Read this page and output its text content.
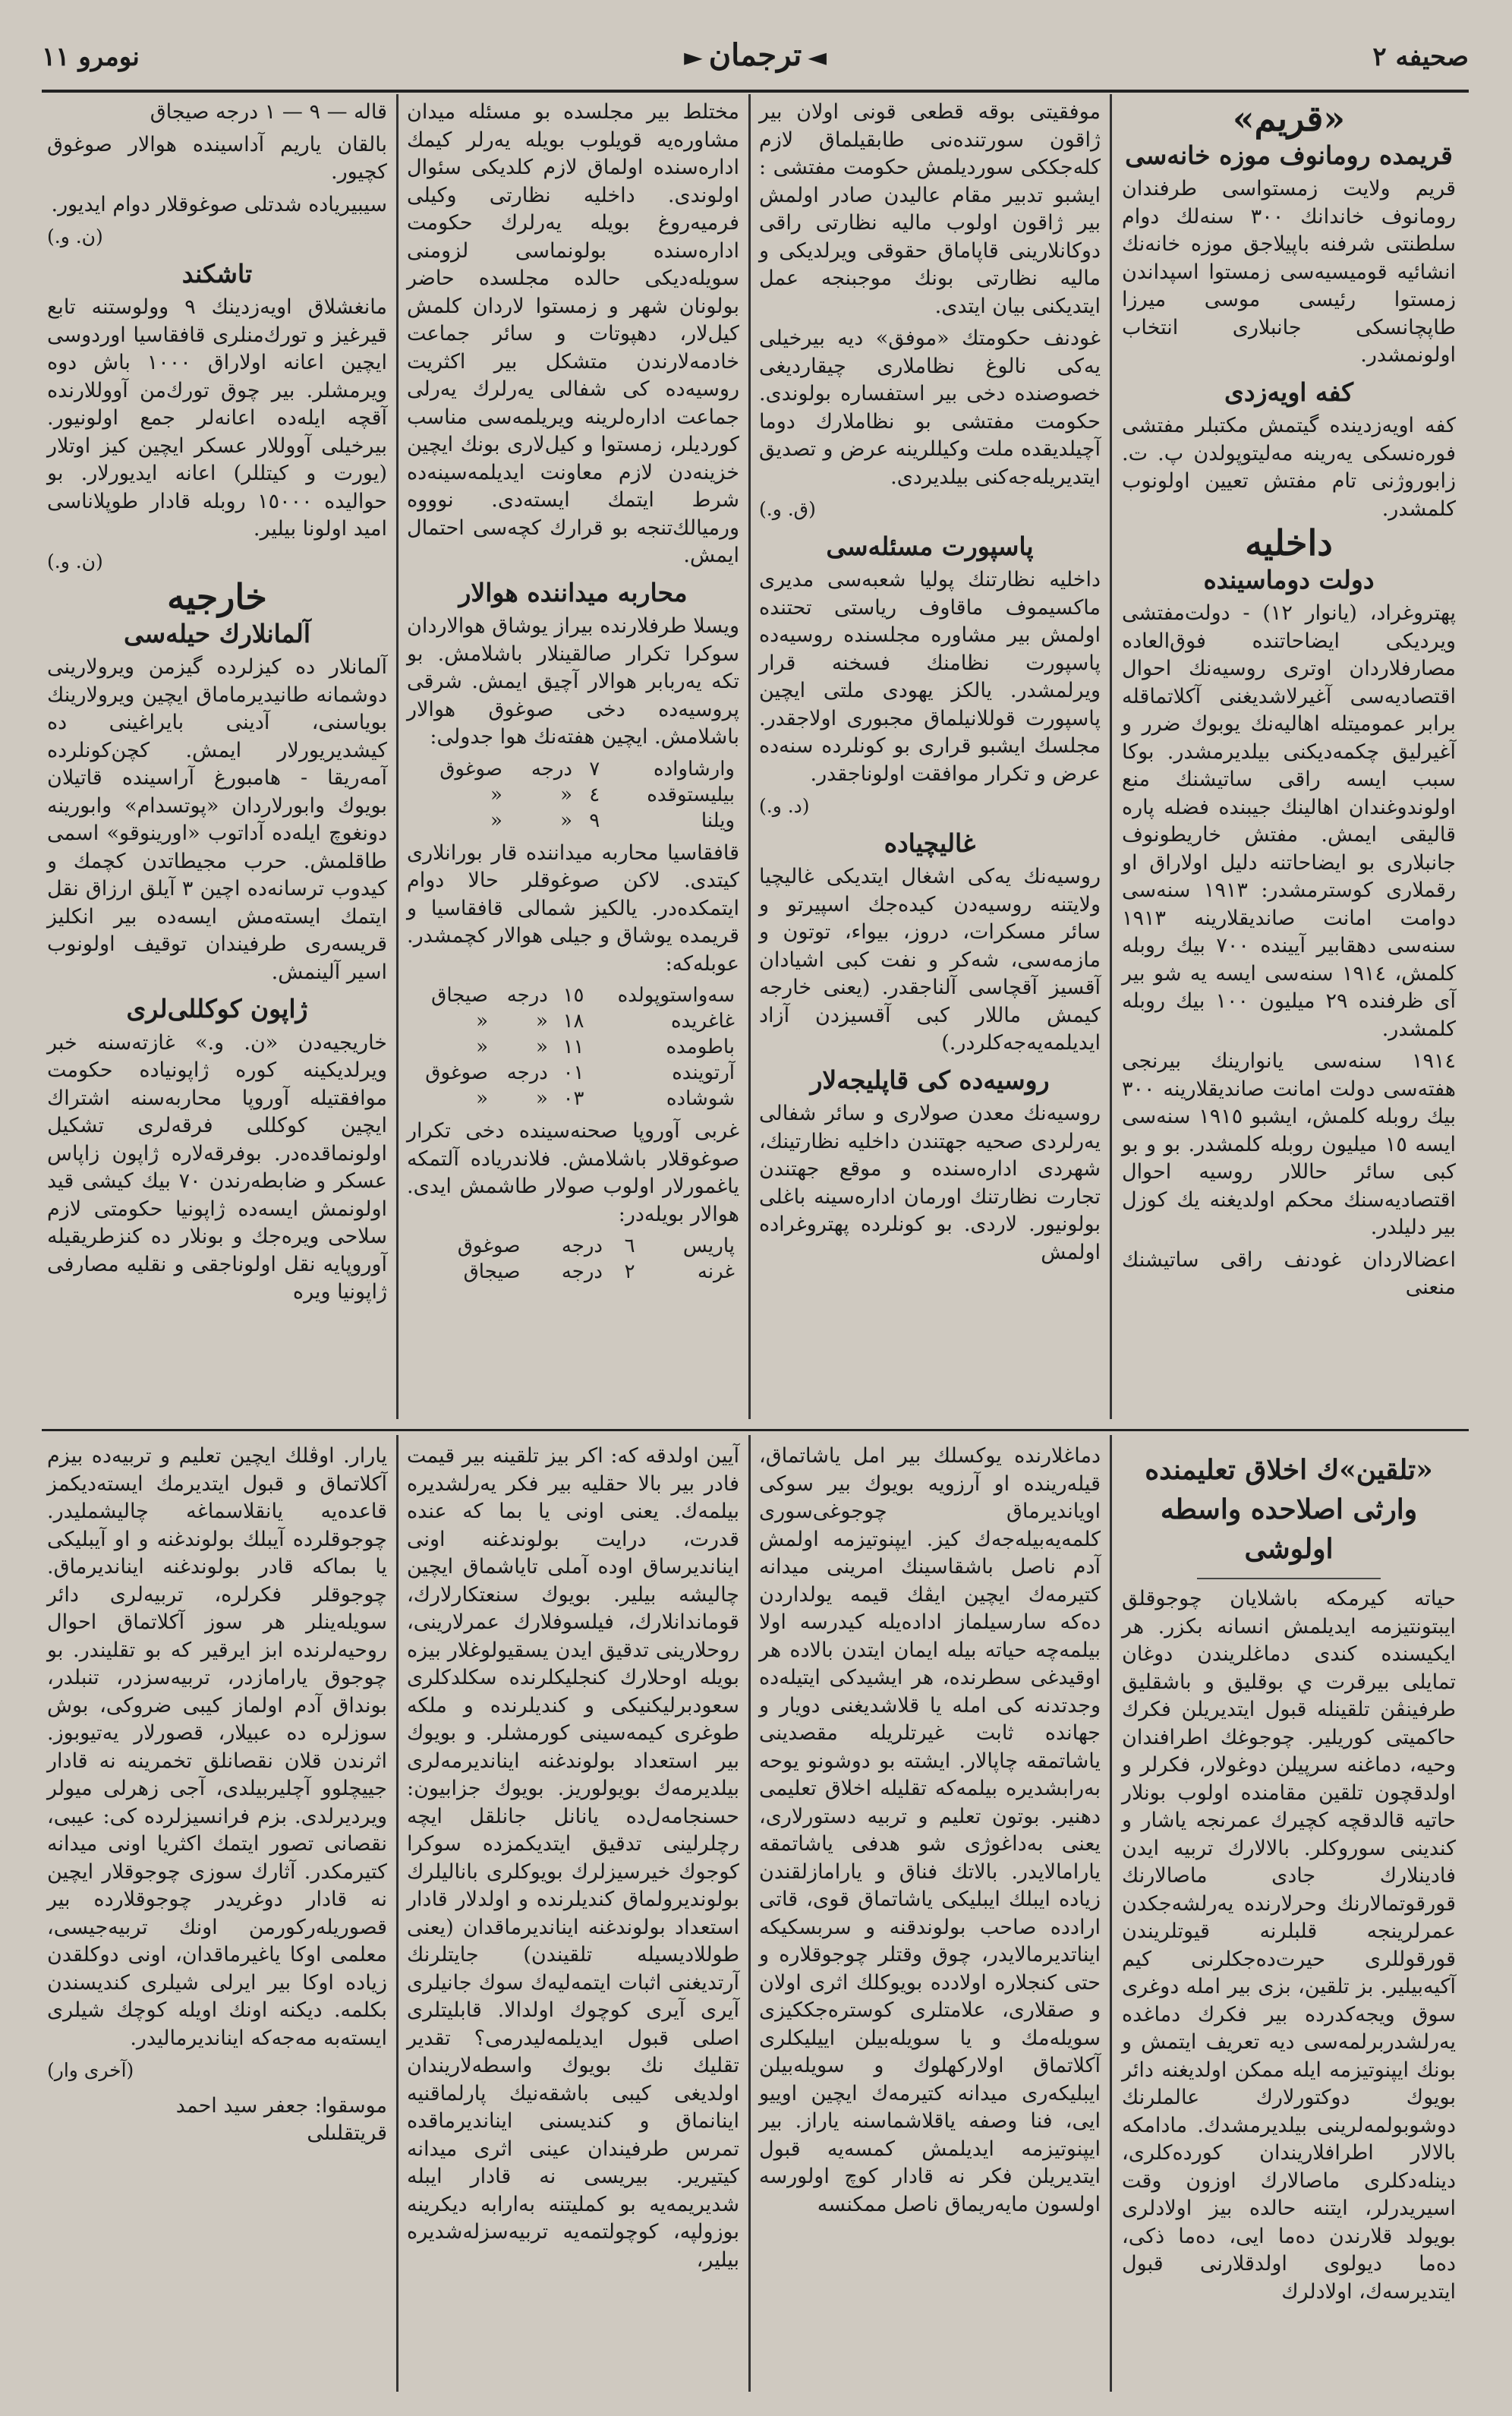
صحيفه ٢
◄ترجمان►
نومرو ١١
«قريم»
قريمده رومانوف موزه خانه‌سى

قريم ولايت زمستواسى طرفندان رومانوف خاندانك ٣٠٠ سنه‌لك دوام سلطنتى شرفنه باپيلاجق موزه خانه‌نك انشائيه قوميسيه‌سى زمستوا اسپداندن زمستوا رئيسى موسى ميرزا طاپچانسكى جانبلارى انتخاب اولونمشدر.

كفه اويه‌زدى

كفه اويه‌زدينده گيتمش مكتبلر مفتشى فوره‌نسكى يه‌رينه مه‌ليتوپولدن پ. ت. زابوروژنى تام مفتش تعيين اولونوب كلمشدر.

داخليه
دولت دوماسينده

پهتروغراد، (يانوار ١٢) - دولت‌مفتشى ويرديكى ايضاحاتنده فوق‌العاده مصارفلاردان اوترى روسيه‌نك احوال اقتصاديه‌سى آغيرلاشديغنى آكلاتماقله برابر عموميتله اهاليه‌نك يوبوك ضرر و آغيرليق چكمه‌ديكنى بيلديرمشدر. بوكا سبب ايسه راقى ساتيشنك منع اولوندوغندان اهالينك جيبنده فضله پاره قاليقى ايمش. مفتش خاريطونوف جانبلارى بو ايضاحاتنه دليل اولاراق او رقملارى كوسترمشدر: ١٩١٣ سنه‌سى دوامت امانت صانديقلارينه ١٩١٣ سنه‌سى دهقابير آيينده ٧٠٠ بيك روبله كلمش، ١٩١٤ سنه‌سى ايسه يه شو بير آى ظرفنده ٢٩ ميليون ١٠٠ بيك روبله كلمشدر.

١٩١٤ سنه‌سى يانوارينك بيرنجى هفته‌سى دولت امانت صانديقلارينه ٣٠٠ بيك روبله كلمش، ايشبو ١٩١٥ سنه‌سى ايسه ١٥ ميليون روبله كلمشدر. بو و بو كبى سائر حاللار روسيه احوال اقتصاديه‌سنك محكم اولديغنه يك كوزل بير دليلدر.

اعضالاردان غودنف راقى ساتيشنك منعنى

موفقيتى بوقه قطعى قونى اولان بير ژاقون سورتنده‌نى طابقيلماق لازم كله‌جككى سورديلمش حكومت مفتشى : ايشبو تدبير مقام عاليدن صادر اولمش بير ژاقون اولوب ماليه نظارتى راقى دوكانلارينى قاپاماق حقوقى ويرلديكى و ماليه نظارتى بونك موجبنجه عمل ايتديكنى بيان ايتدى.

غودنف حكومتك «موفق» ديه بيرخيلى يه‌كى نالوغ نظاملارى چيقارديغى خصوصنده دخى بير استفساره بولوندى. حكومت مفتشى بو نظاملارك دوما آچيلديقده ملت وكيللرينه عرض و تصديق ايتديريله‌جه‌كنى بيلديردى.

(ق. و.)
پاسپورت مسئله‌سى

داخليه نظارتنك پوليا شعبه‌سى مديرى ماكسيموف ماقاوف رياستى تحتنده اولمش بير مشاوره مجلسنده روسيه‌ده پاسپورت نظامنك فسخنه قرار ويرلمشدر. يالكز يهودى ملتى ايچين پاسپورت قوللانيلماق مجبورى اولاجقدر. مجلسك ايشبو قرارى بو كونلرده سنه‌ده عرض و تكرار موافقت اولوناجقدر.

(د. و.)
غاليچياده

روسيه‌نك يه‌كى اشغال ايتديكى غاليچيا ولايتنه روسيه‌دن كيده‌جك اسپيرتو و سائر مسكرات، دروز، بيواء، توتون و مازمه‌سى، شه‌كر و نفت كبى اشيادان آقسيز آقچاسى آلناجقدر. (يعنى خارجه كيمش ماللار كبى آقسيزدن آزاد ايديلمه‌يه‌جه‌كلردر.)

روسيه‌ده كى قاپليجه‌لار

روسيه‌نك معدن صولارى و سائر شفالى يه‌رلردى صحيه جهتندن داخليه نظارتينك، شهردى اداره‌سنده و موقع جهتندن تجارت نظارتنك اورمان اداره‌سينه باغلى بولونيور. لاردى. بو كونلرده پهتروغراده اولمش

مختلط بير مجلسده بو مسئله ميدان مشاوره‌يه قويلوب بويله يه‌رلر كيمك اداره‌سنده اولماق لازم كلديكى سئوال اولوندى. داخليه نظارتى وكيلى فرميه‌روغ بويله يه‌رلرك حكومت اداره‌سنده بولونماسى لزومنى سويله‌ديكى حالده مجلسده حاضر بولونان شهر و زمستوا لاردان كلمش كيل‌لار، دهپوتات و سائر جماعت خادمه‌لارندن متشكل بير اكثريت روسيه‌ده كى شفالى يه‌رلرك يه‌رلى جماعت اداره‌لرينه ويريلمه‌سى مناسب كورديلر، زمستوا و كيل‌لارى بونك ايچين خزينه‌دن لازم معاونت ايديلمه‌سينه‌ده شرط ايتمك ايسته‌دى. نوووه ورميالك‌تنجه بو قرارك كچه‌سى احتمال ايمش.

محاربه ميداننده هوالار

ويسلا طرفلارنده بيراز يوشاق هوالاردان سوكرا تكرار صالقينلار باشلامش. بو تكه يه‌ربابر هوالار آچيق ايمش. شرقى پروسيه‌ده دخى صوغوق هوالار باشلامش. ايچين هفته‌نك هوا جدولى:

وارشاواده	٧	درجه	صوغوق
بيليستوقده	٤	«	«
ويلنا	٩	«	«

قافقاسيا محاربه ميداننده قار بورانلارى كيتدى. لاكن صوغوقلر حالا دوام ايتمكده‌در. يالكيز شمالى قافقاسيا و قريمده يوشاق و جيلى هوالار كچمشدر. عوبله‌كه:

سه‌واستوپولده	١٥	درجه	صيجاق
غاغريده	١٨	«	«
باطومده	١١	«	«
آرتوينده	٠١	درجه	صوغوق
شوشاده	٠٣	«	«

غربى آوروپا صحنه‌سينده دخى تكرار صوغوقلار باشلامش. فلاندرياده آلتمكه ياغمورلار اولوب صولار طاشمش ايدى. هوالار بويله‌در:

پاريس	٦	درجه	صوغوق
غرنه	٢	درجه	صيجاق

قالە — ٩ — ١ درجه صيجاق

بالقان ياريم آداسينده هوالار صوغوق كچيور.

سيبيرياده شدتلى صوغوقلار دوام ايديور.

(ن. و.)
تاشكند

مانغشلاق اويه‌زدينك ٩ وولوستنه تابع قيرغيز و تورك‌منلرى قافقاسيا اوردوسى ايچين اعانه اولاراق ١٠٠٠ باش دوه ويرمشلر. بير چوق تورك‌من آووللارنده آقچه ايله‌ده اعانه‌لر جمع اولونيور. بيرخيلى آووللار عسكر ايچين كيز اوتلار (يورت و كيتللر) اعانه ايديورلار. بو حواليده ١٥٠٠٠ روبله قادار طوپلاناسى اميد اولونا بيلير.

(ن. و.)
خارجيه
آلمانلارك حيله‌سى

آلمانلار ده كيزلرده گيزمن ويرولارينى دوشمانه طانيديرماماق ايچين ويرولارينك بوياسنى، آدينى بايراغينى ده كيشديريورلار ايمش. كچن‌كونلرده آمه‌ريقا - هامبورغ آراسينده قاتيلان بويوك وابورلاردان «پوتسدام» وابورينه دونغوچ ايله‌ده آداتوب «اورينوقو» اسمى طاقلمش. حرب مجيطاتدن كچمك و كيدوب ترسانه‌ده اچين ٣ آيلق ارزاق نقل ايتمك ايسته‌مش ايسه‌ده بير انكليز قريسه‌رى طرفيندان توقيف اولونوب اسير آلينمش.

ژاپون كوكللى‌لرى

خاريجيه‌دن «ن. و.» غازته‌سنه خبر ويرلديكينه كوره ژاپونياده حكومت موافقتيله آوروپا محاربه‌سنه اشتراك ايچين كوكللى فرقه‌لرى تشكيل اولونماقده‌در. بوفرقه‌لاره ژاپون زاپاس عسكر و ضابطه‌رندن ٧٠ بيك كيشى قيد اولونمش ايسه‌ده ژاپونيا حكومتى لازم سلاحى ويره‌جك و بونلار ده كنزطريقيله آوروپايه نقل اولوناجقى و نقليه مصارفى ژاپونيا ويره

«تلقين»ك اخلاق تعليمنده وارثى اصلاحده واسطه اولوشى

حياته كيرمكه باشلايان چوجوقلق ايبتونتيزمه ايديلمش انسانه بكزر. هر ايكيسنده كندى دماغلريندن دوغان تمايلى بيرقرت ي بوقليق و باشقليق طرفينڤن تلقينله قبول ايتديريلن فكرك حاكميتى كوريلير. چوجوغك اطرافندان وحيه، دماغنه سرپيلن دوغولار، فكرلر و اولدقچون تلقين مقامنده اولوب بونلار حاتيه قالدقچه كچيرك عمرنجه ياشار و كندينى سوروكلر. بالالارك تربيه ايدن فادينلارك جادى ماصالارنك قورقوتمالارنك وحرلارنده يه‌رلشه‌جكدن عمرلرينجه قلبلرنه قيوتلريندن قورقوللرى حيرت‌ده‌جكلرنى كيم آكيه‌بيلير. بز تلقين، بزى بير امله دوغرى سوق ويجه‌كدرده بير فكرك دماغده يه‌رلشدربرلمه‌سى ديه تعريف ايتمش و بونك ايپنوتيزمه ايله ممكن اولديغنه دائر بويوك دوكتورلارك عالملرنك دوشوبولمه‌لرينى بيلديرمشدك. مادامكه بالالار اطرافلاريندان كورده‌كلرى، دينله‌دكلرى ماصالارك اوزون وقت اسيريدرلر، ايتنه حالده بيز اولادلرى بويولد قلارندن ده‌ما ايى، ده‌ما ذكى، ده‌ما ديولوى اولدقلارنى قبول ايتديرسه‌ك، اولادلرك

دماغلارنده يوكسلك بير امل ياشاتماق، قيله‌رينده او آرزويه بويوك بير سوكى اويانديرماق چوجوغى‌سورى كلمه‌يه‌بيله‌جه‌ك كيز. ايپنوتيزمه اولمش آدم ناصل باشقاسينك امرينى ميدانه كتيرمه‌ك ايچين ايڤك قيمه يولداردن ده‌كه سارسيلماز اداده‌يله كيدرسه اولا بيلمه‌چه حياته بيله ايمان ايتدن بالاده هر اوقيدغى سطرنده، هر ايشيدكى ايتيله‌ده وجدتدنه كى امله يا قلاشديغنى دويار و جهانده ثابت غيرتلريله مقصدينى ياشاتمقه چاپالار. ايشته بو دوشونو يوحه به‌رابشديره بيلمه‌كه تقليله اخلاق تعليمى دهنير. بوتون تعليم و تربيه دستورلارى، يعنى به‌داغوژى شو هدفى ياشاتمقه يارامالايدر. بالاتك فناق و يارامازلقندن زياده ايبلك ايبليكى ياشاتماق قوى، قاتى ارادده صاحب بولوندقنه و سربسكيكه ايناتديرمالايدر، چوق وقتلر چوجوقلاره و حتى كنجلاره اولادده بويوكلك اثرى اولان و صقلارى، علامتلرى كوستره‌جككيزى سويله‌مك و يا سويله‌بيلن اييليكلرى آكلاتماق اولاركهلوك و سويله‌بيلن ايبليكه‌رى ميدانه كتيرمه‌ك ايچين اوييو ايى، فنا وصفه ياقلاشماسنه ياراز. بير ايپنوتيزمه ايديلمش كمسه‌يه قبول ايتديريلن فكر نه قادار كوچ اولورسه اولسون مايه‌ريماق ناصل ممكنسه

آيين اولدقه كه: اكر بيز تلقينه بير قيمت فادر بير بالا حقليه بير فكر يه‌رلشديره بيلمه‌ك. يعنى اونى يا بما كه عنده قدرت، درايت بولوندغنه اونى اينانديرساق اوده آملى تاياشماق ايچين چاليشه بيلير. بويوك سنعتكارلارك، قوماندانلارك، فيلسوفلارك عمرلارينى، روحلارينى تدقيق ايدن يسقيولوغلار بيزه بويله اوحلارك كنجليكلرنده سكلدكلرى سعودبرليكنيكى و كنديلرنده و ملكه طوغرى كيمه‌سينى كورمشلر. و بويوك بير استعداد بولوندغنه اينانديرمه‌لرى بيلديرمه‌ك بويولوريز. بويوك جزابيون: حسنجامه‌ل‌ده يانانل جانلقل ايچه رچلرلينى تدقيق ايتديكمزده سوكرا كوجوك خيرسيزلرك بويوكلرى باناليلرك بولونديرولماق كنديلرنده و اولدلار قادار استعداد بولوندغنه اينانديرماقدان (يعنى طوللاديسيله تلقيندن) جايتلرنك آرتديغنى اثبات ايتمه‌ليه‌ك سوك جانيلرى آيرى آيرى كوچوك اولدالا. قابليتلرى اصلى قبول ايديلمه‌ليدرمى؟ تقدير تقليك نك بويوك واسطه‌لاريندان اولديغى كيبى باشقه‌نيك پارلماقنيه اينانماق و كنديسنى اينانديرماقده تمرس طرفيندان عينى اثرى ميدانه كيتيرير. بيريسى نه قادار ايبله شديريمه‌يه بو كمليتنه به‌ارابه ديكرينه بوزولپه، كوچولتمه‌يه تربيه‌سزله‌شديره بيلير،

يارار. اوڤلك ايچين تعليم و تربيه‌ده بيزم آكلاتماق و قبول ايتديرمك ايسته‌ديكمز قاعده‌يه يانقلاسماغه چاليشمليدر. چوجوقلرده آيبلك بولوندغنه و او آيبليكى يا بماكه قادر بولوندغنه اينانديرماق. چوجوقلر فكرلره، تربيه‌لرى دائر سويله‌ينلر هر سوز آكلاتماق احوال روحيه‌لرنده ابز ايرقير كه بو تقليندر. بو چوجوق يارامازدر، تربيه‌سزدر، تنبلدر، بونداق آدم اولماز كيبى ضروكى، بوش سوزلره ده عبيلار، قصورلار يه‌تيوبوز. اثرندن قلان نقصانلق تخمرينه نه قادار جييچلوو آچلير‌بيلدى، آجى زهرلى ميولر ويرديرلدى. بزم فرانسيزلرده كى: عيبى، نقصانى تصور ايتمك اكثريا اونى ميدانه كتيرمكدر. آثارك سوزى چوجوقلار ايچين نه قادار دوغريدر چوجوقلارده بير قصوريله‌ركورمن اونك تربيه‌جيسى، معلمى اوكا ياغيرماقدان، اونى دوكلقدن زياده اوكا بير ايرلى شيلرى كنديسندن بكلمه. ديكنه اونك اويله كوچك شيلرى ايسته‌به مه‌جه‌كه اينانديرماليدر.

(آخرى وار)
موسقوا: جعفر سيد احمد
قريتقلىلى
